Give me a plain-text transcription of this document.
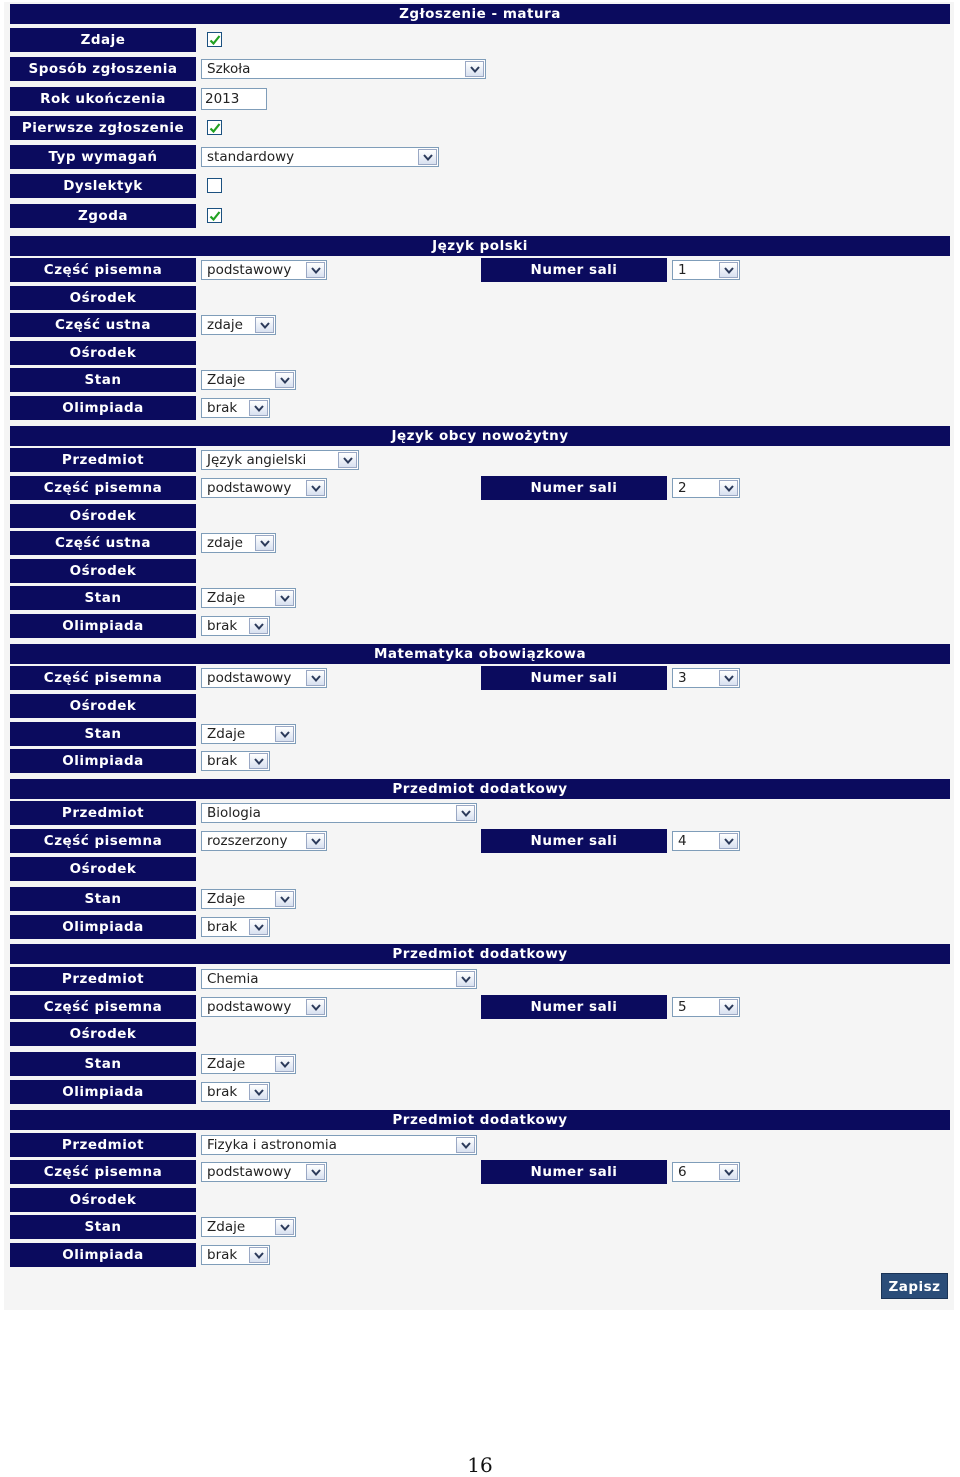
Zgłoszenie - matura
Zdaje
Sposób zgłoszenia	Szkoła
Rok ukończenia	2013
Pierwsze zgłoszenie
Typ wymagań	standardowy
Dyslektyk
Zgoda
Język polski
Część pisemna	podstawowy	Numer sali	1
Ośrodek
Część ustna	zdaje
Ośrodek
Stan	Zdaje
Olimpiada	brak
Język obcy nowożytny
Przedmiot	Język angielski
Część pisemna	podstawowy	Numer sali	2
Ośrodek
Część ustna	zdaje
Ośrodek
Stan	Zdaje
Olimpiada	brak
Matematyka obowiązkowa
Część pisemna	podstawowy	Numer sali	3
Ośrodek
Stan	Zdaje
Olimpiada	brak
Przedmiot dodatkowy
Przedmiot	Biologia
Część pisemna	rozszerzony	Numer sali	4
Ośrodek
Stan	Zdaje
Olimpiada	brak
Przedmiot dodatkowy
Przedmiot	Chemia
Część pisemna	podstawowy	Numer sali	5
Ośrodek
Stan	Zdaje
Olimpiada	brak
Przedmiot dodatkowy
Przedmiot	Fizyka i astronomia
Część pisemna	podstawowy	Numer sali	6
Ośrodek
Stan	Zdaje
Olimpiada	brak
Zapisz
16
